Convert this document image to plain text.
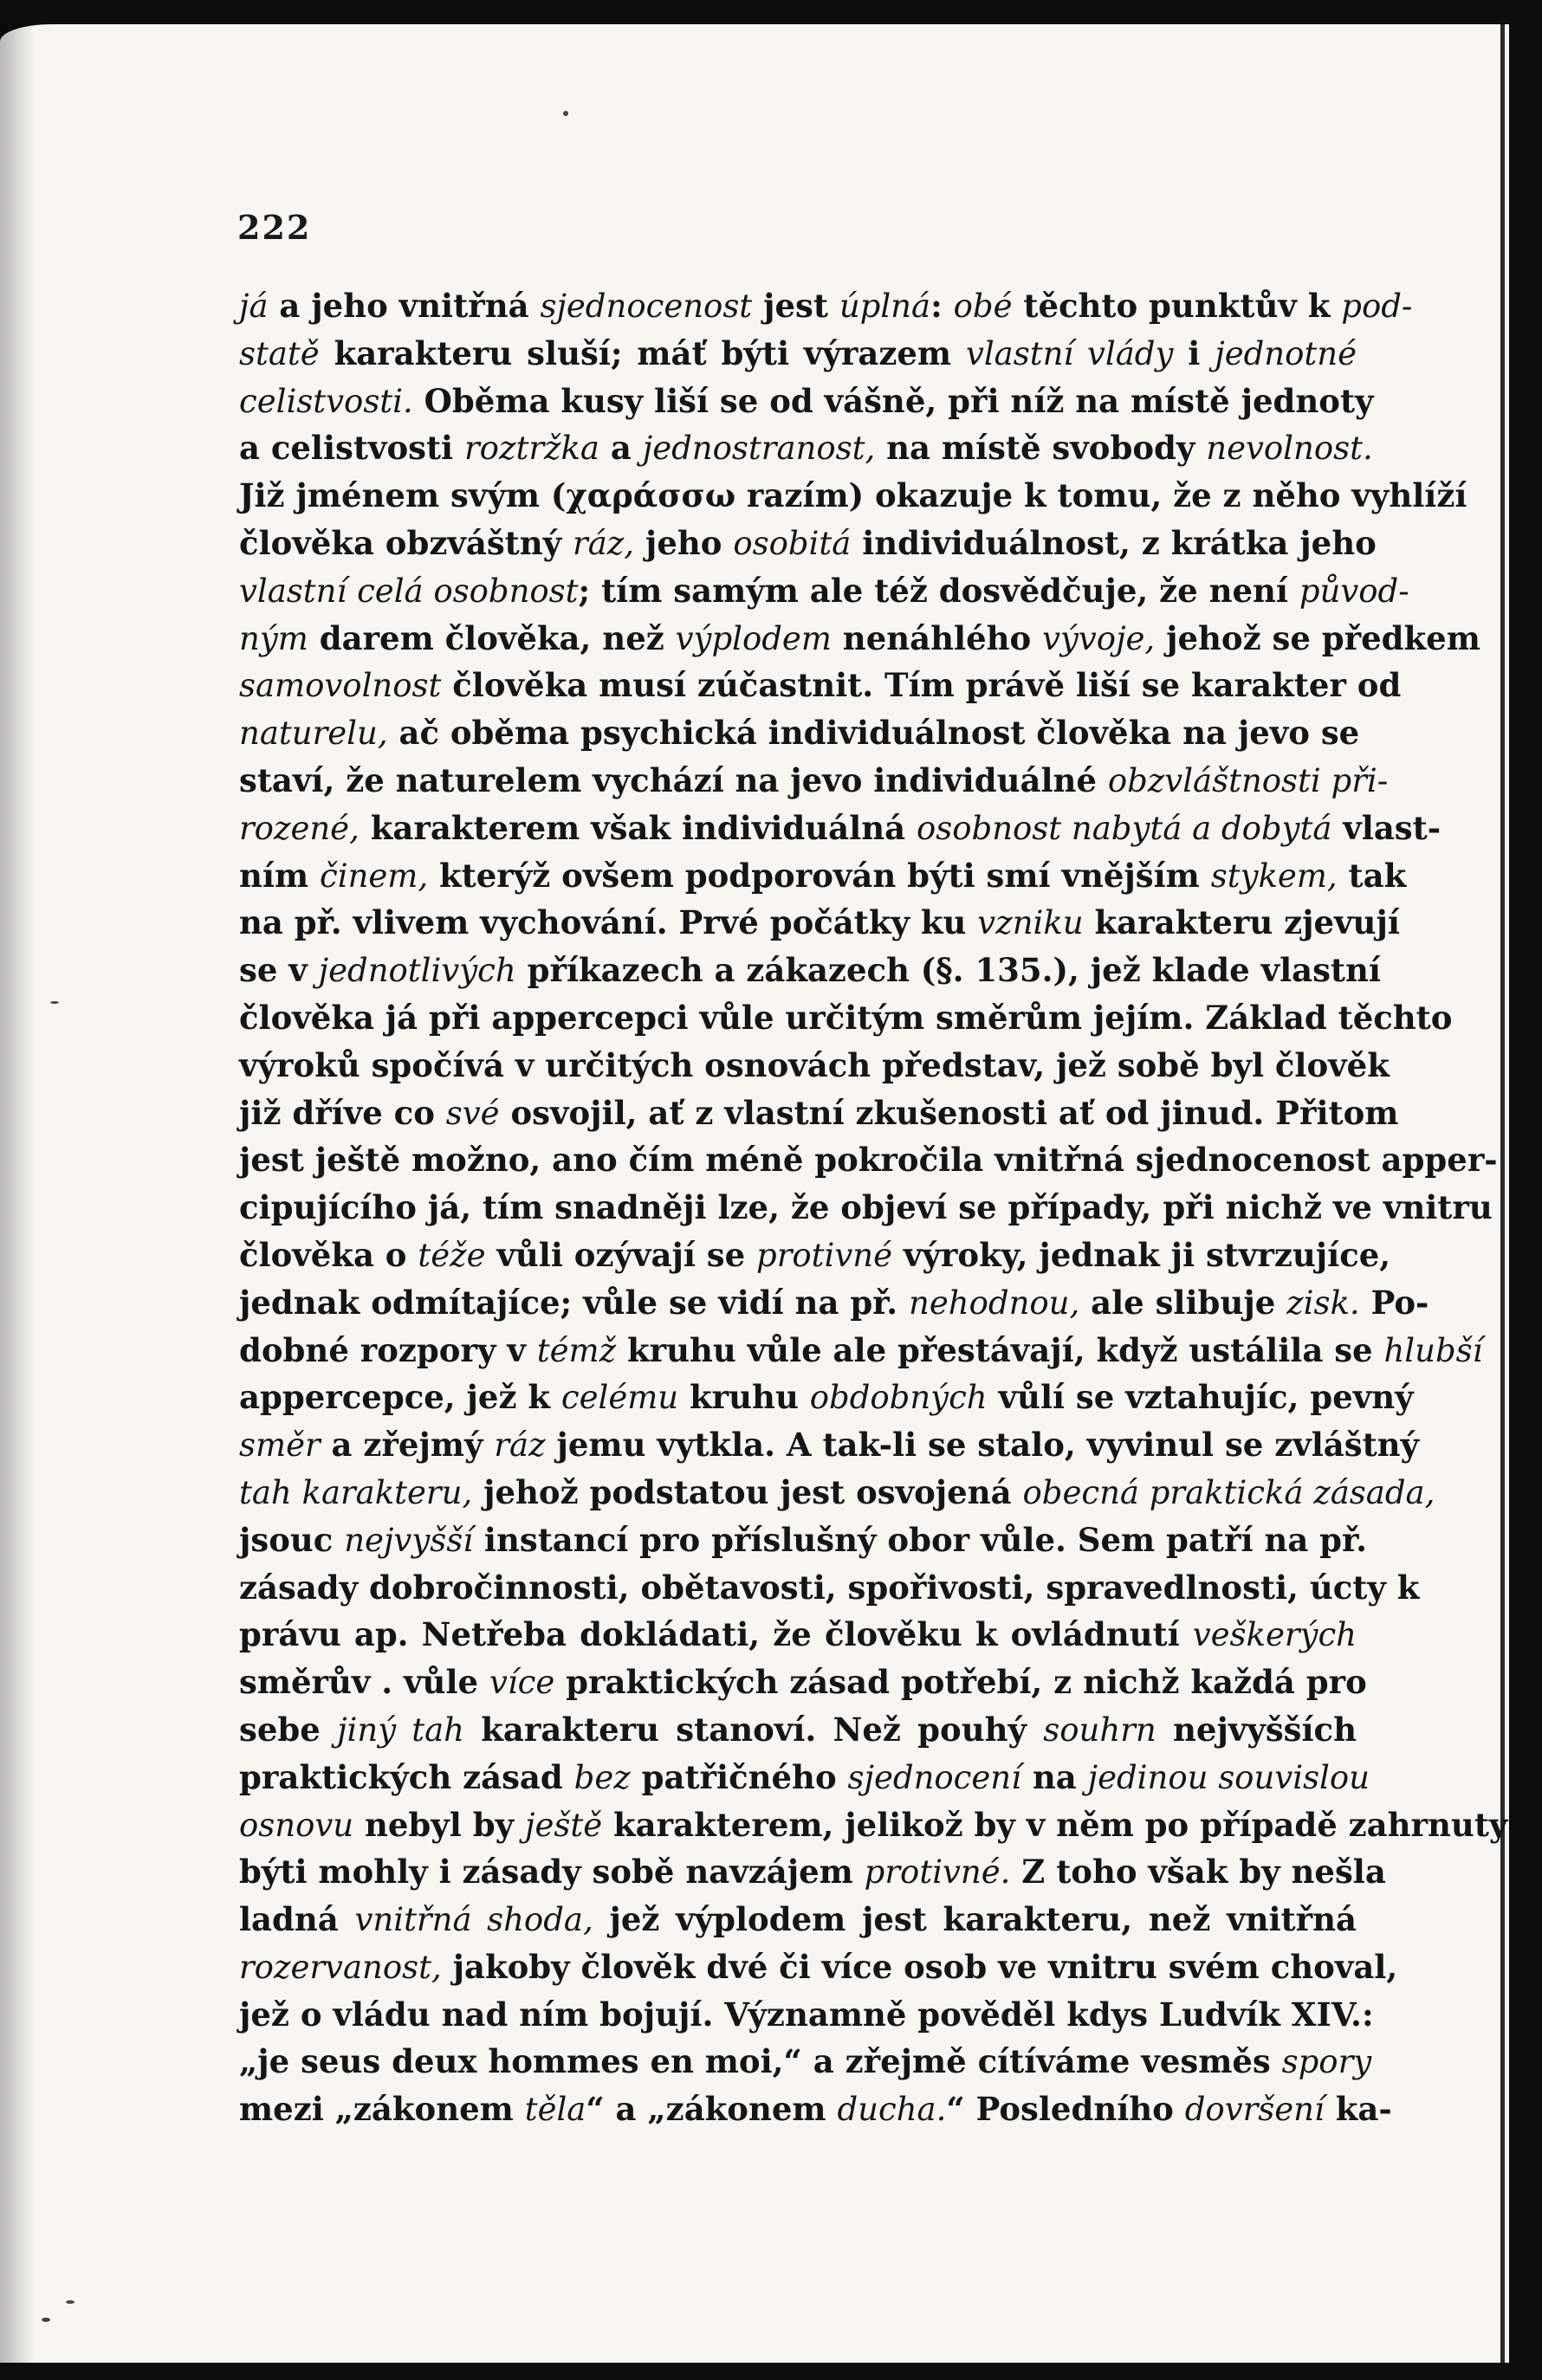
222
já a jeho vnitřná sjednocenost jest úplná: obé těchto punktův k pod-
statě karakteru sluší; máť býti výrazem vlastní vlády i jednotné
celistvosti. Oběma kusy liší se od vášně, při níž na místě jednoty
a celistvosti roztržka a jednostranost, na místě svobody nevolnost.
Již jménem svým (χαράσσω razím) okazuje k tomu, že z něho vyhlíží
člověka obzváštný ráz, jeho osobitá individuálnost, z krátka jeho
vlastní celá osobnost; tím samým ale též dosvědčuje, že není původ-
ným darem člověka, než výplodem nenáhlého vývoje, jehož se předkem
samovolnost člověka musí zúčastnit. Tím právě liší se karakter od
naturelu, ač oběma psychická individuálnost člověka na jevo se
staví, že naturelem vychází na jevo individuálné obzvláštnosti při-
rozené, karakterem však individuálná osobnost nabytá a dobytá vlast-
ním činem, kterýž ovšem podporován býti smí vnějším stykem, tak
na př. vlivem vychování. Prvé počátky ku vzniku karakteru zjevují
se v jednotlivých příkazech a zákazech (§. 135.), jež klade vlastní
člověka já při appercepci vůle určitým směrům jejím. Základ těchto
výroků spočívá v určitých osnovách představ, jež sobě byl člověk
již dříve co své osvojil, ať z vlastní zkušenosti ať od jinud. Přitom
jest ještě možno, ano čím méně pokročila vnitřná sjednocenost apper-
cipujícího já, tím snadněji lze, že objeví se případy, při nichž ve vnitru
člověka o téže vůli ozývají se protivné výroky, jednak ji stvrzujíce,
jednak odmítajíce; vůle se vidí na př. nehodnou, ale slibuje zisk. Po-
dobné rozpory v témž kruhu vůle ale přestávají, když ustálila se hlubší
appercepce, jež k celému kruhu obdobných vůlí se vztahujíc, pevný
směr a zřejmý ráz jemu vytkla. A tak-li se stalo, vyvinul se zvláštný
tah karakteru, jehož podstatou jest osvojená obecná praktická zásada,
jsouc nejvyšší instancí pro příslušný obor vůle. Sem patří na př.
zásady dobročinnosti, obětavosti, spořivosti, spravedlnosti, úcty k
právu ap. Netřeba dokládati, že člověku k ovládnutí veškerých
směrův . vůle více praktických zásad potřebí, z nichž každá pro
sebe jiný tah karakteru stanoví. Než pouhý souhrn nejvyšších
praktických zásad bez patřičného sjednocení na jedinou souvislou
osnovu nebyl by ještě karakterem, jelikož by v něm po případě zahrnuty
býti mohly i zásady sobě navzájem protivné. Z toho však by nešla
ladná vnitřná shoda, jež výplodem jest karakteru, než vnitřná
rozervanost, jakoby člověk dvé či více osob ve vnitru svém choval,
jež o vládu nad ním bojují. Významně pověděl kdys Ludvík XIV.:
„je seus deux hommes en moi,“ a zřejmě cítíváme vesměs spory
mezi „zákonem těla“ a „zákonem ducha.“ Posledního dovršení ka-
